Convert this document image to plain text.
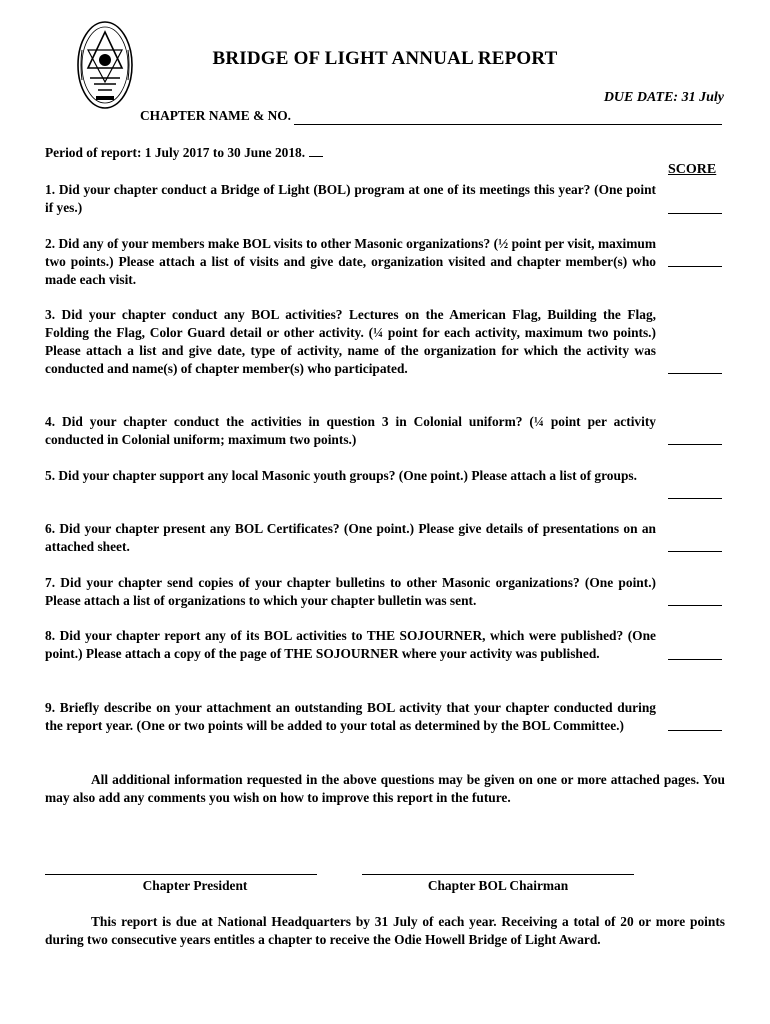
BRIDGE OF LIGHT ANNUAL REPORT
DUE DATE: 31 July
CHAPTER NAME & NO.
Period of report: 1 July 2017 to 30 June 2018.
SCORE
1. Did your chapter conduct a Bridge of Light (BOL) program at one of its meetings this year? (One point if yes.)
2. Did any of your members make BOL visits to other Masonic organizations? (½ point per visit, maximum two points.) Please attach a list of visits and give date, organization visited and chapter member(s) who made each visit.
3. Did your chapter conduct any BOL activities? Lectures on the American Flag, Building the Flag, Folding the Flag, Color Guard detail or other activity. (¼ point for each activity, maximum two points.) Please attach a list and give date, type of activity, name of the organization for which the activity was conducted and name(s) of chapter member(s) who participated.
4. Did your chapter conduct the activities in question 3 in Colonial uniform? (¼ point per activity conducted in Colonial uniform; maximum two points.)
5. Did your chapter support any local Masonic youth groups? (One point.) Please attach a list of groups.
6. Did your chapter present any BOL Certificates? (One point.) Please give details of presentations on an attached sheet.
7. Did your chapter send copies of your chapter bulletins to other Masonic organizations? (One point.) Please attach a list of organizations to which your chapter bulletin was sent.
8. Did your chapter report any of its BOL activities to THE SOJOURNER, which were published? (One point.) Please attach a copy of the page of THE SOJOURNER where your activity was published.
9. Briefly describe on your attachment an outstanding BOL activity that your chapter conducted during the report year. (One or two points will be added to your total as determined by the BOL Committee.)
All additional information requested in the above questions may be given on one or more attached pages. You may also add any comments you wish on how to improve this report in the future.
Chapter President	Chapter BOL Chairman
This report is due at National Headquarters by 31 July of each year. Receiving a total of 20 or more points during two consecutive years entitles a chapter to receive the Odie Howell Bridge of Light Award.
